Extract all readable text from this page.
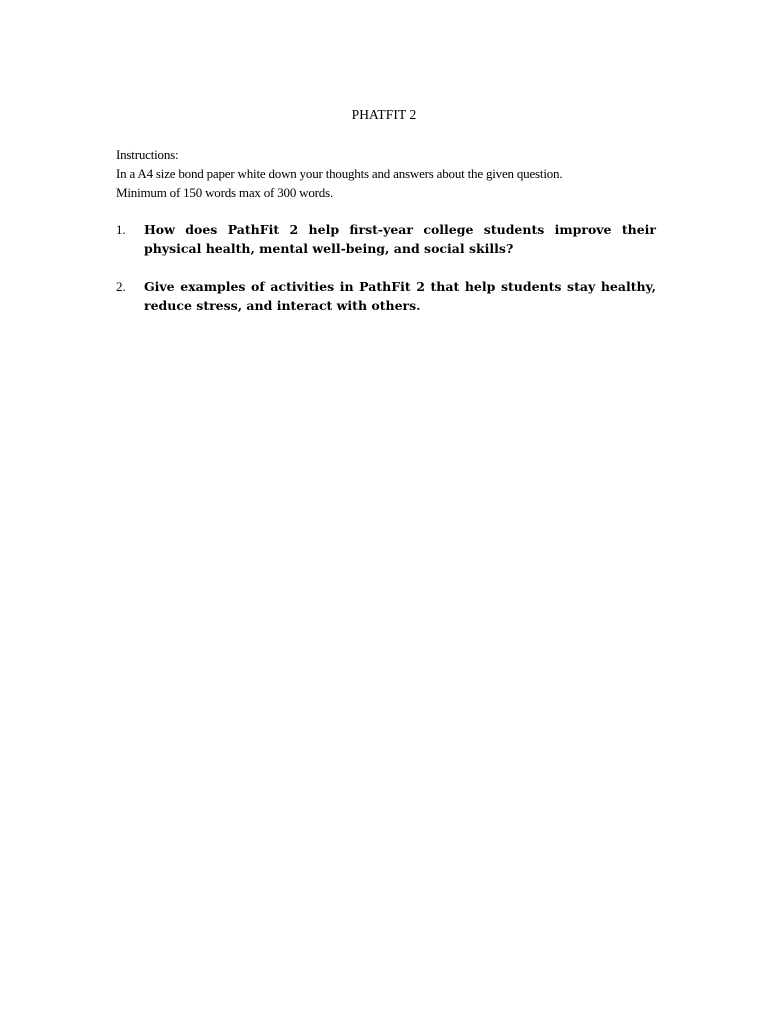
PHATFIT 2
Instructions:
In a A4 size bond paper white down your thoughts and answers about the given question.
Minimum of 150 words max of 300 words.
1. How does PathFit 2 help first-year college students improve their physical health, mental well-being, and social skills?
2. Give examples of activities in PathFit 2 that help students stay healthy, reduce stress, and interact with others.
